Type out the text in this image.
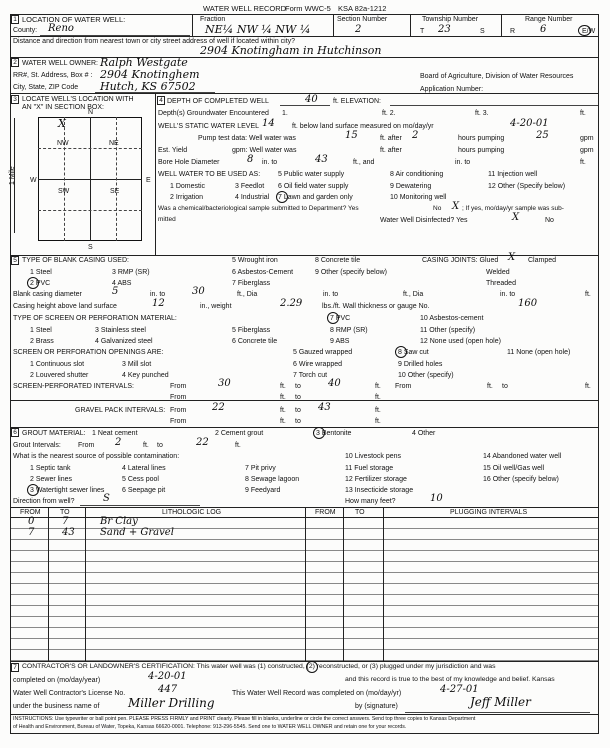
WATER WELL RECORD
Form WWC-5 KSA 82a-1212
1 LOCATION OF WATER WELL:
County: Reno
Fraction
NE¼ NW ¼ NW ¼
Section Number
2
Township Number
T 23	S
Range Number
R 6	E/W
Distance and direction from nearest town or city street address of well if located within city?
2904 Knotingham in Hutchinson
2 WATER WELL OWNER: Ralph Westgate
RR#, St. Address, Box # : 2904 Knotinghem
City, State, ZIP Code Hutch, KS 67502
Board of Agriculture, Division of Water Resources
Application Number:
3 LOCATE WELL'S LOCATION WITH
AN "X" IN SECTION BOX:
4
N
S
W	E
NW	NE
SW	SE
X
1 Mile
DEPTH OF COMPLETED WELL	40 ft. ELEVATION:
Depth(s) Groundwater Encountered 1.	ft. 2.	ft. 3.	ft.
WELL'S STATIC WATER LEVEL 14 ft. below land surface measured on mo/day/yr	4-20-01
Pump test data: Well water was	15	ft. after 2	hours pumping	25	gpm
Est. Yield	gpm: Well water was	ft. after	hours pumping	gpm
Bore Hole Diameter	8 in. to	43	ft., and	in. to	ft.
WELL WATER TO BE USED AS:
1 Domestic
2 Irrigation
3 Feedlot
4 Industrial
5 Public water supply
6 Oil field water supply
7 Lawn and garden only
8 Air conditioning
9 Dewatering
10 Monitoring well
11 Injection well
12 Other (Specify below)
Was a chemical/bacteriological sample submitted to Department? Yes	No X ; If yes, mo/day/yr sample was sub-
mitted	Water Well Disinfected? Yes	X	No
5 TYPE OF BLANK CASING USED:
1 Steel
2 PVC
3 RMP (SR)
4 ABS
5 Wrought iron
6 Asbestos-Cement
7 Fiberglass
8 Concrete tile
9 Other (specify below)
CASING JOINTS: Glued X Clamped
Welded
Threaded
Blank casing diameter	5	in. to	30	ft., Dia	in. to	ft., Dia	in. to	ft.
Casing height above land surface	12	in., weight	2.29	lbs./ft. Wall thickness or gauge No.	160
TYPE OF SCREEN OR PERFORATION MATERIAL:
1 Steel
2 Brass
3 Stainless steel
4 Galvanized steel
5 Fiberglass
6 Concrete tile
7 PVC
8 RMP (SR)
9 ABS
10 Asbestos-cement
11 Other (specify)
12 None used (open hole)
SCREEN OR PERFORATION OPENINGS ARE:
1 Continuous slot
2 Louvered shutter
3 Mill slot
4 Key punched
5 Gauzed wrapped
6 Wire wrapped
7 Torch cut
8 Saw cut
9 Drilled holes
10 Other (specify)
11 None (open hole)
SCREEN-PERFORATED INTERVALS:	From	30	ft. to	40	ft. From	ft. to	ft.
From	ft. to	ft.
GRAVEL PACK INTERVALS: From	22	ft. to 43	ft.
From	ft. to	ft.
6 GROUT MATERIAL: 1 Neat cement	2 Cement grout	3 Bentonite	4 Other
Grout Intervals: From 2	ft. to	22	ft.
What is the nearest source of possible contamination:
1 Septic tank
2 Sewer lines
3 Watertight sewer lines
4 Lateral lines
5 Cess pool
6 Seepage pit
7 Pit privy
8 Sewage lagoon
9 Feedyard
10 Livestock pens
11 Fuel storage
12 Fertilizer storage
13 Insecticide storage
14 Abandoned water well
15 Oil well/Gas well
16 Other (specify below)
Direction from well?	S	How many feet?	10
FROM	TO	LITHOLOGIC LOG	FROM	TO	PLUGGING INTERVALS
0	7	Br Clay
7	43	Sand + Gravel
7 CONTRACTOR'S OR LANDOWNER'S CERTIFICATION: This water well was (1) constructed, (2) reconstructed, or (3) plugged under my jurisdiction and was
completed on (mo/day/year)	4-20-01	and this record is true to the best of my knowledge and belief. Kansas
Water Well Contractor's License No.	447	This Water Well Record was completed on (mo/day/yr)	4-27-01
under the business name of Miller Drilling	by (signature)	Jeff Miller
INSTRUCTIONS: Use typewriter or ball point pen. PLEASE PRESS FIRMLY and PRINT clearly. Please fill in blanks, underline or circle the correct answers. Send top three copies to Kansas Department
of Health and Environment, Bureau of Water, Topeka, Kansas 66620-0001. Telephone: 913-296-5545. Send one to WATER WELL OWNER and retain one for your records.
